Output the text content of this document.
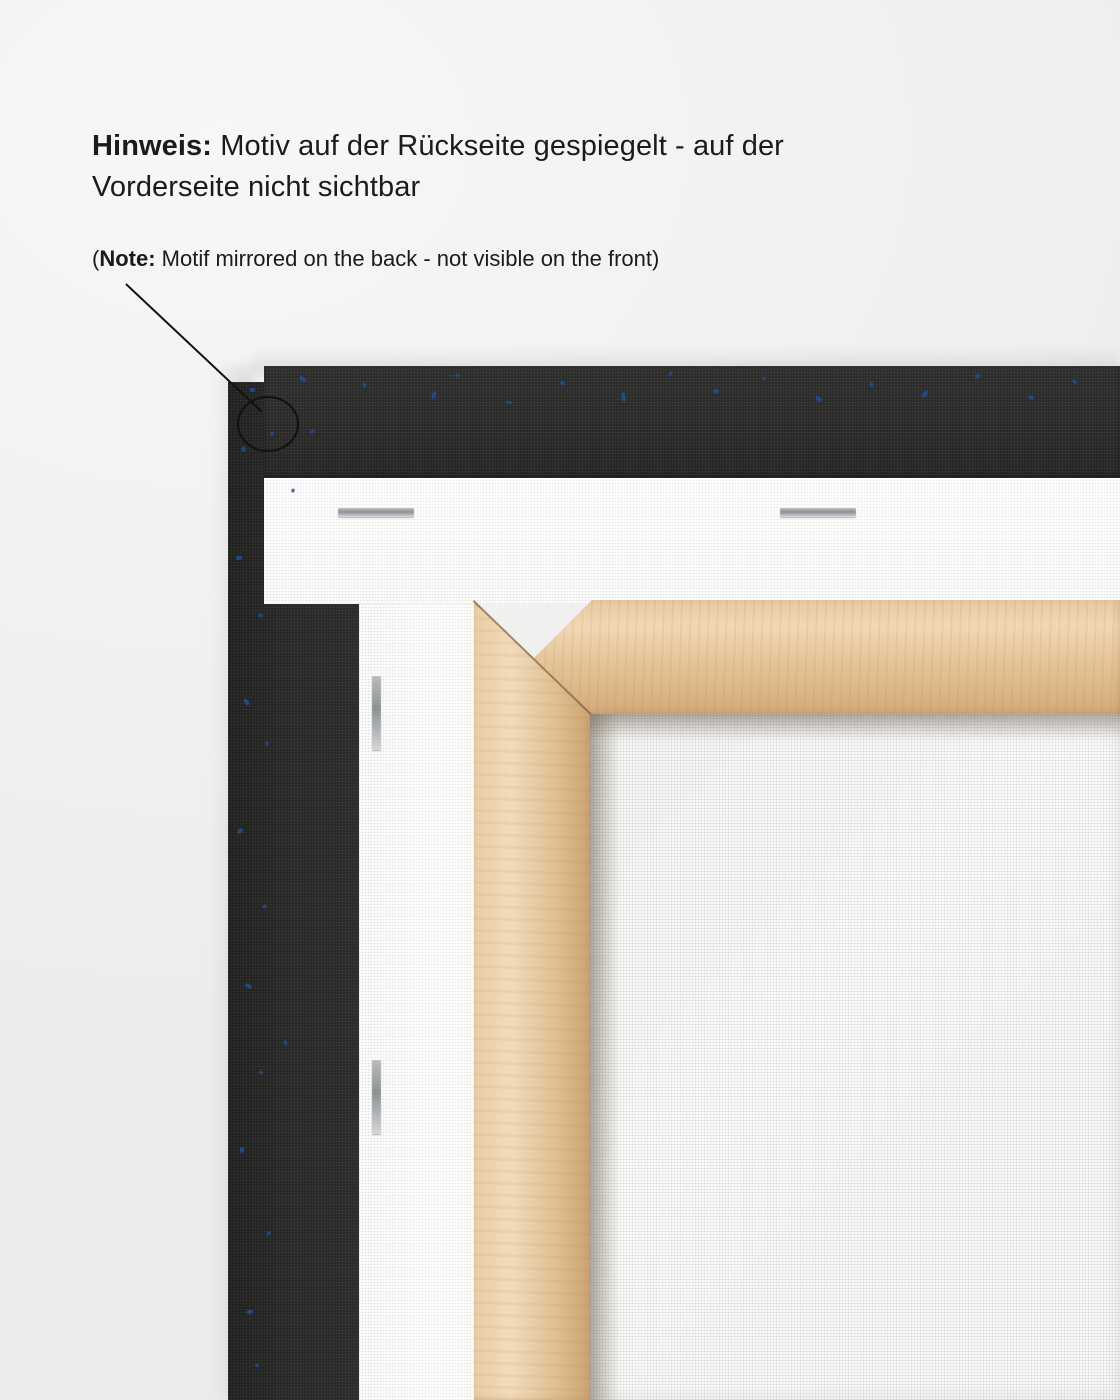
Hinweis: Motiv auf der Rückseite gespiegelt - auf der Vorderseite nicht sichtbar

(Note: Motif mirrored on the back - not visible on the front)
